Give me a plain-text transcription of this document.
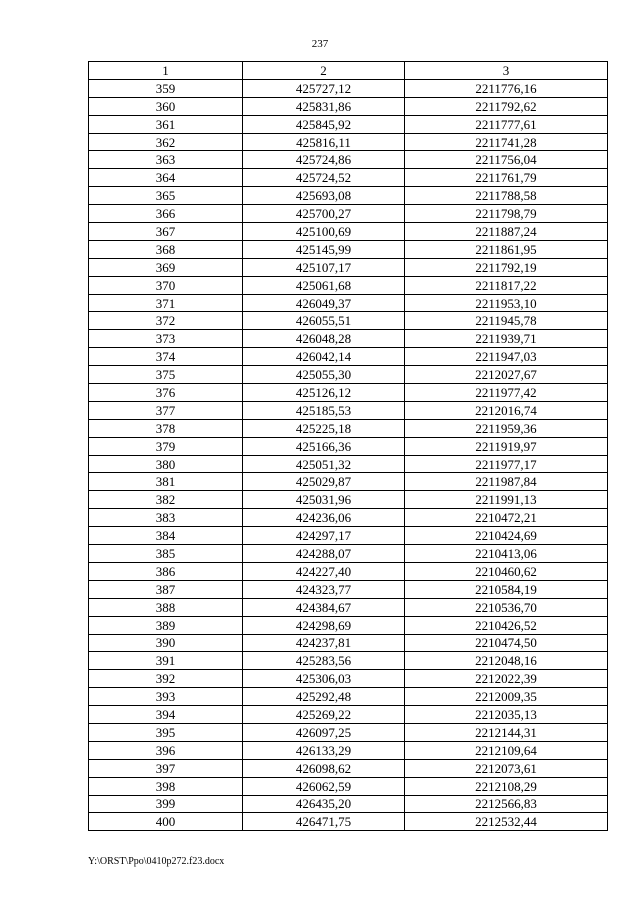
237
1	2	3
359	425727,12	2211776,16
360	425831,86	2211792,62
361	425845,92	2211777,61
362	425816,11	2211741,28
363	425724,86	2211756,04
364	425724,52	2211761,79
365	425693,08	2211788,58
366	425700,27	2211798,79
367	425100,69	2211887,24
368	425145,99	2211861,95
369	425107,17	2211792,19
370	425061,68	2211817,22
371	426049,37	2211953,10
372	426055,51	2211945,78
373	426048,28	2211939,71
374	426042,14	2211947,03
375	425055,30	2212027,67
376	425126,12	2211977,42
377	425185,53	2212016,74
378	425225,18	2211959,36
379	425166,36	2211919,97
380	425051,32	2211977,17
381	425029,87	2211987,84
382	425031,96	2211991,13
383	424236,06	2210472,21
384	424297,17	2210424,69
385	424288,07	2210413,06
386	424227,40	2210460,62
387	424323,77	2210584,19
388	424384,67	2210536,70
389	424298,69	2210426,52
390	424237,81	2210474,50
391	425283,56	2212048,16
392	425306,03	2212022,39
393	425292,48	2212009,35
394	425269,22	2212035,13
395	426097,25	2212144,31
396	426133,29	2212109,64
397	426098,62	2212073,61
398	426062,59	2212108,29
399	426435,20	2212566,83
400	426471,75	2212532,44
Y:\ORST\Ppo\0410p272.f23.docx
